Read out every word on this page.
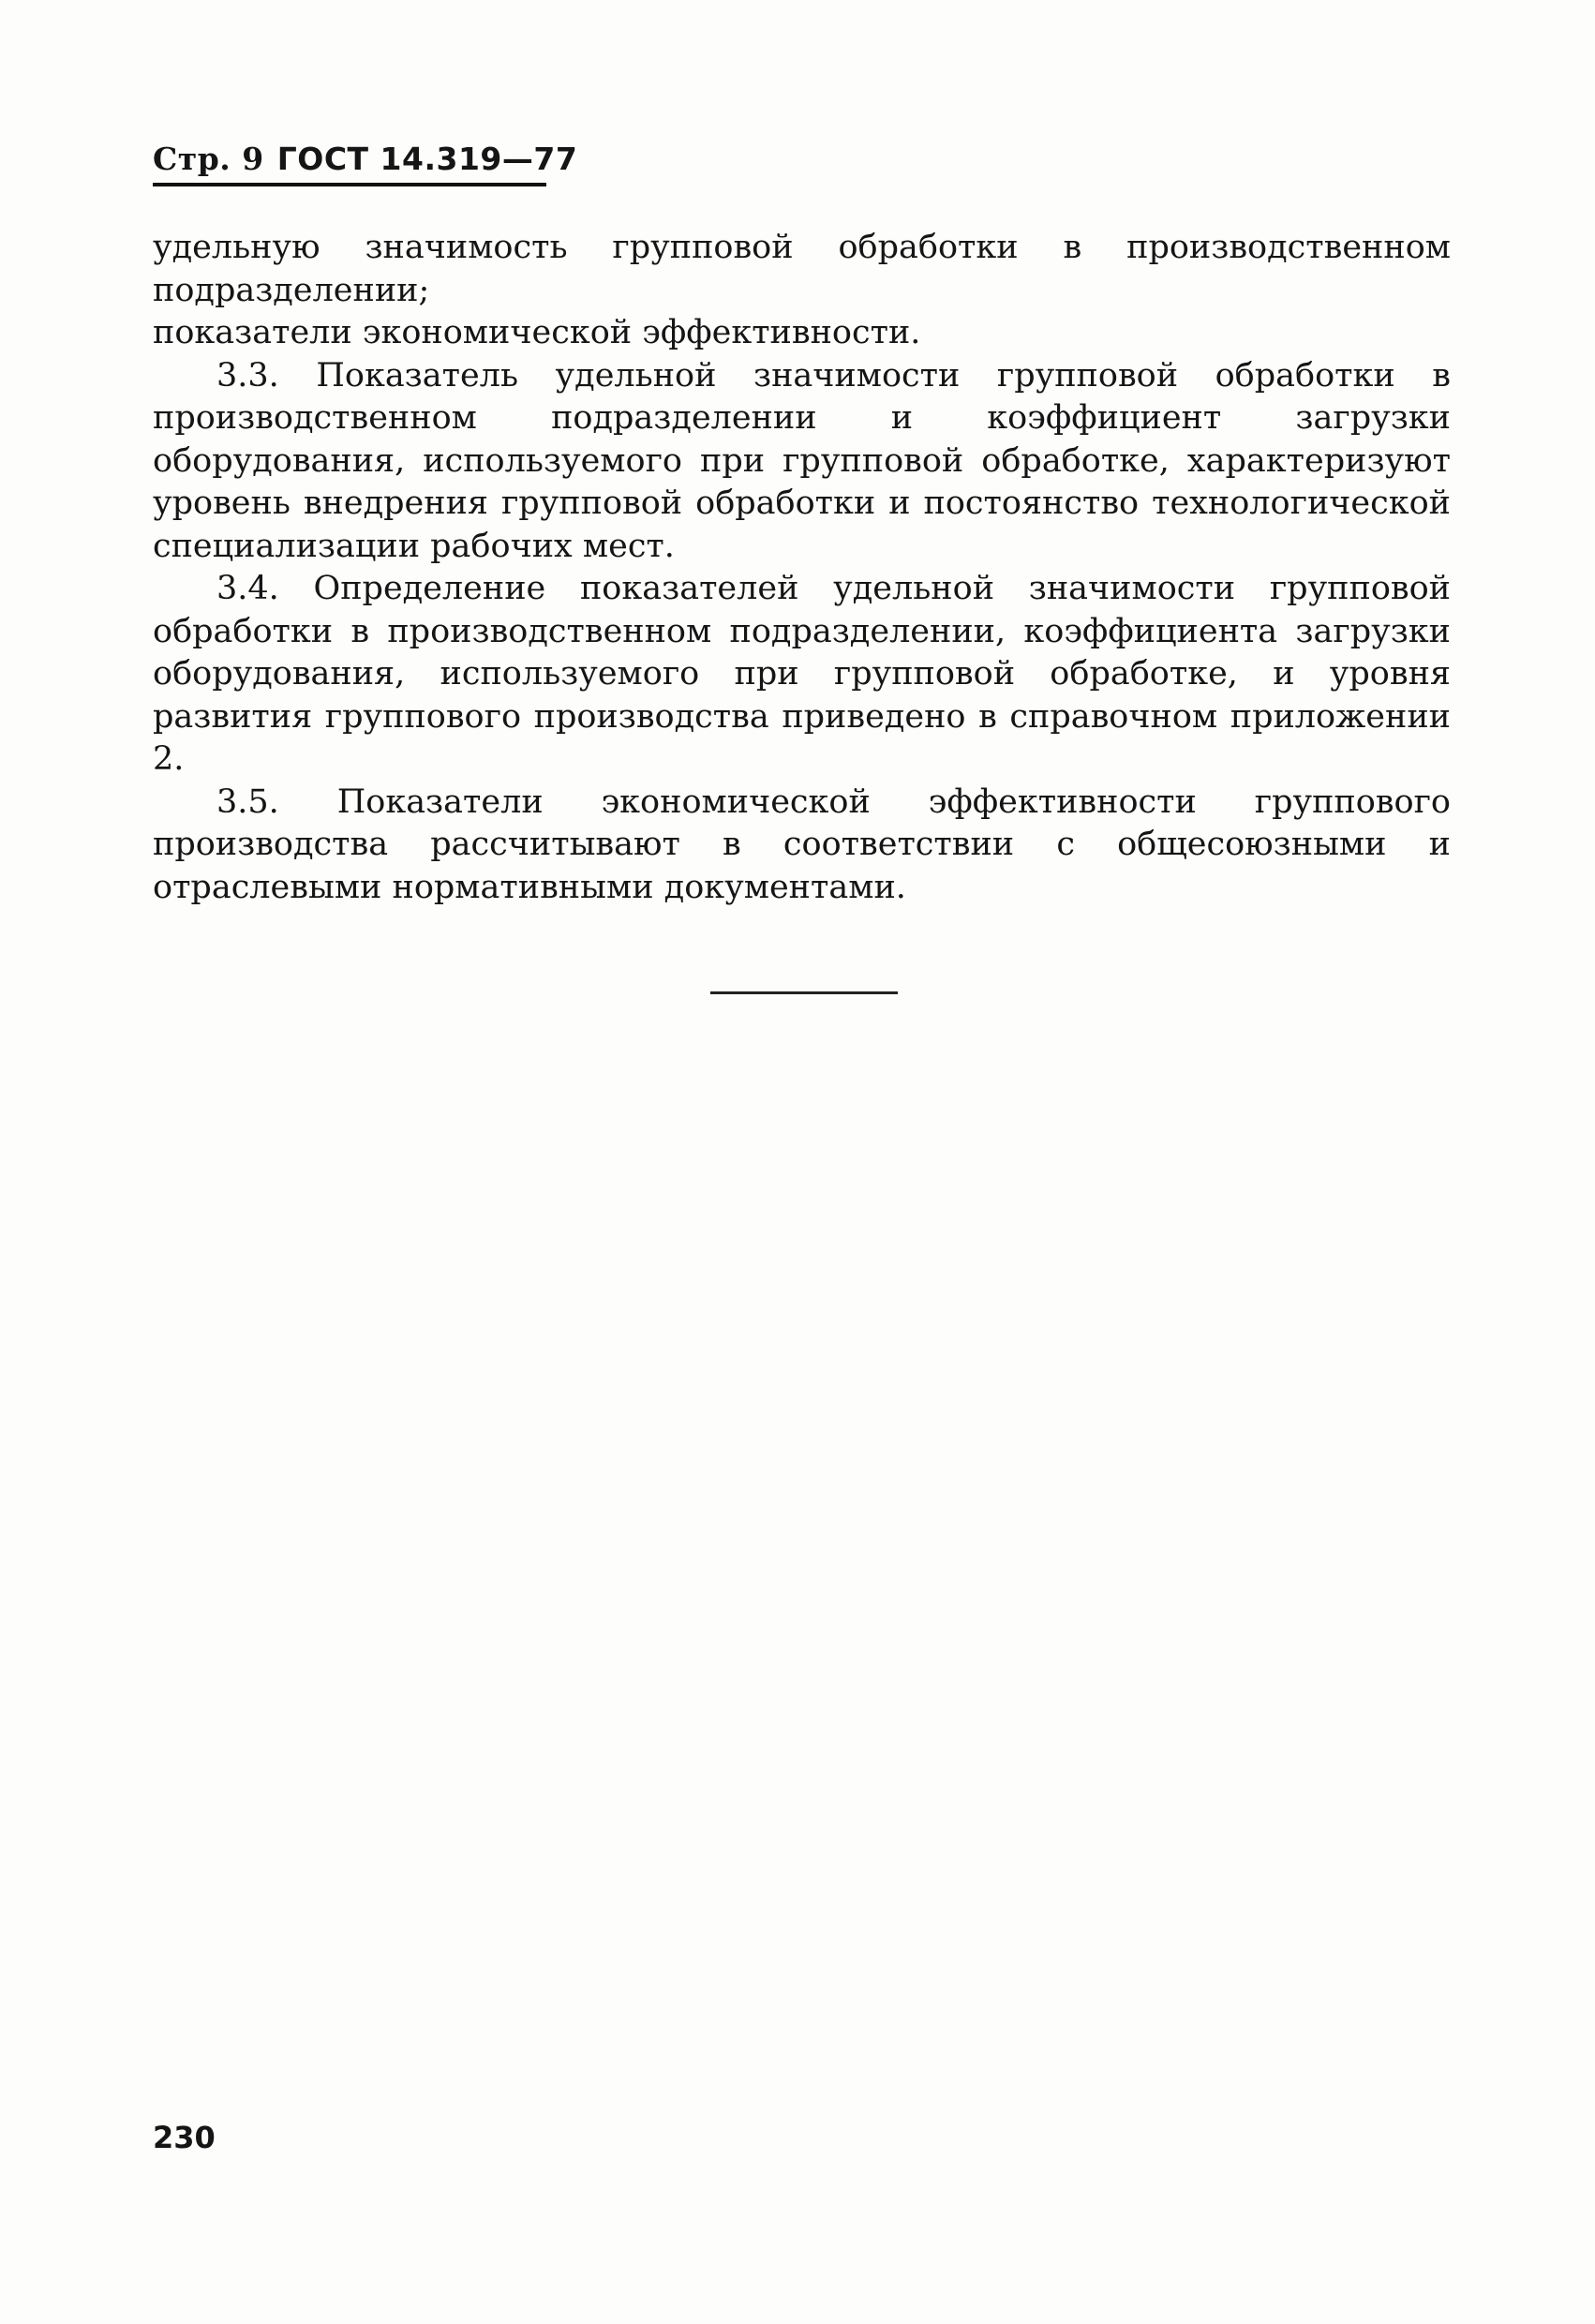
Стр. 9 ГОСТ 14.319—77

удельную значимость групповой обработки в производственном подразделении;

показатели экономической эффективности.

3.3. Показатель удельной значимости групповой обработки в производственном подразделении и коэффициент загрузки оборудования, используемого при групповой обработке, характеризуют уровень внедрения групповой обработки и постоянство технологической специализации рабочих мест.

3.4. Определение показателей удельной значимости групповой обработки в производственном подразделении, коэффициента загрузки оборудования, используемого при групповой обработке, и уровня развития группового производства приведено в справочном приложении 2.

3.5. Показатели экономической эффективности группового производства рассчитывают в соответствии с общесоюзными и отраслевыми нормативными документами.

230
